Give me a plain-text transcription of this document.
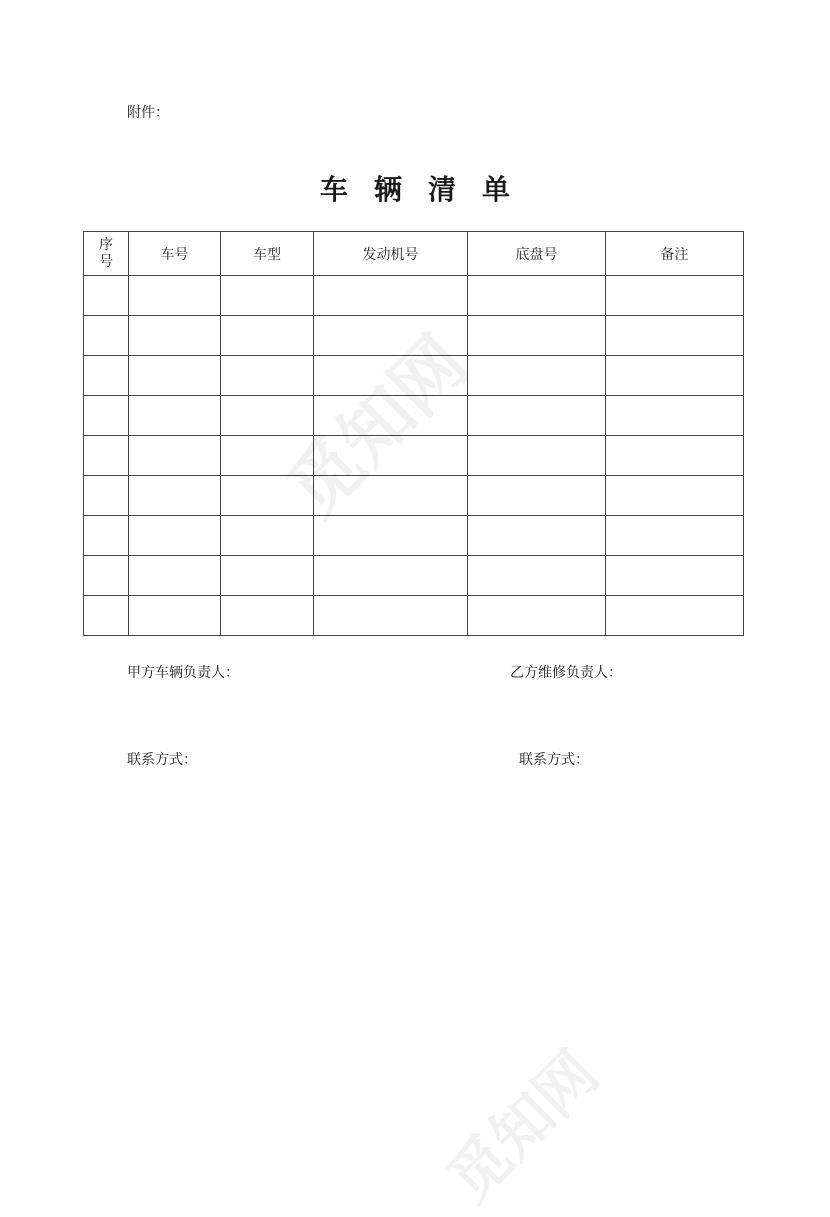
附件：
车辆清单
序号	车号	车型	发动机号	底盘号	备注

甲方车辆负责人：	乙方维修负责人：
联系方式：	联系方式：
觅知网
觅知网
